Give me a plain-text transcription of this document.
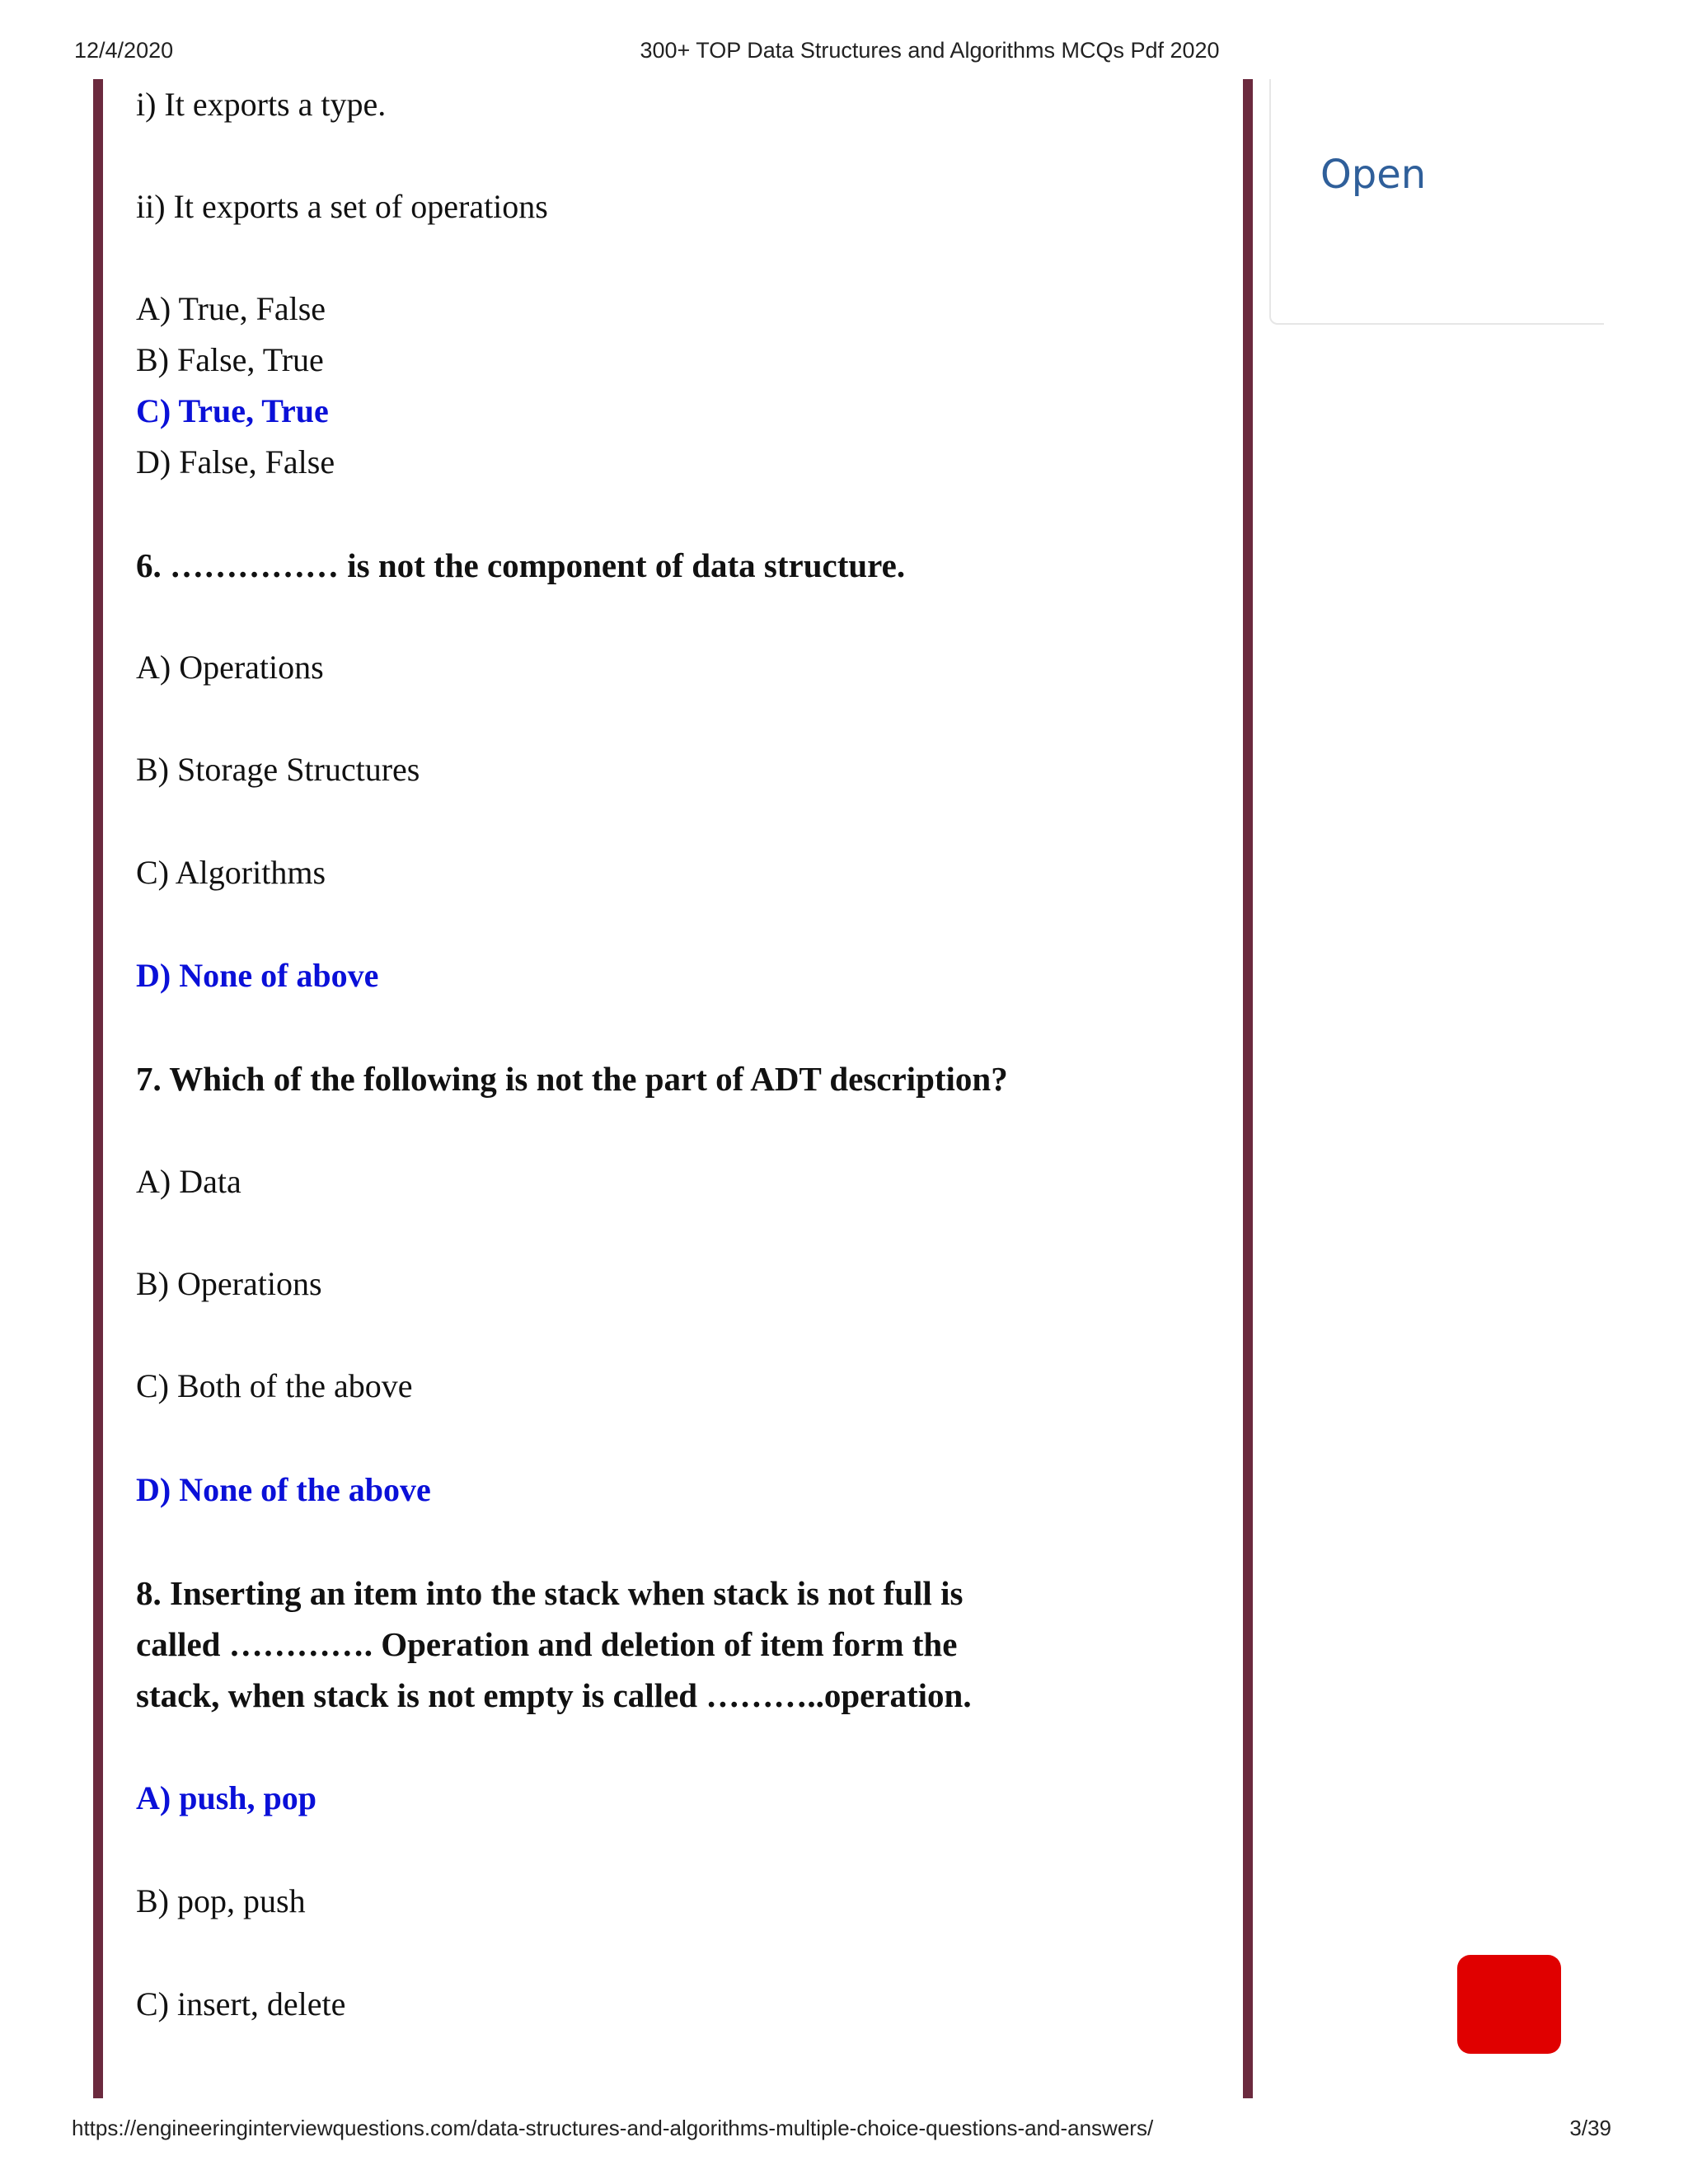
12/4/2020	300+ TOP Data Structures and Algorithms MCQs Pdf 2020
i) It exports a type.
ii) It exports a set of operations
A) True, False
B) False, True
C) True, True
D) False, False
6. …………… is not the component of data structure.
A) Operations
B) Storage Structures
C) Algorithms
D) None of above
7. Which of the following is not the part of ADT description?
A) Data
B) Operations
C) Both of the above
D) None of the above
8. Inserting an item into the stack when stack is not full is
called …………. Operation and deletion of item form the
stack, when stack is not empty is called ………..operation.
A) push, pop
B) pop, push
C) insert, delete
Open
https://engineeringinterviewquestions.com/data-structures-and-algorithms-multiple-choice-questions-and-answers/	3/39
